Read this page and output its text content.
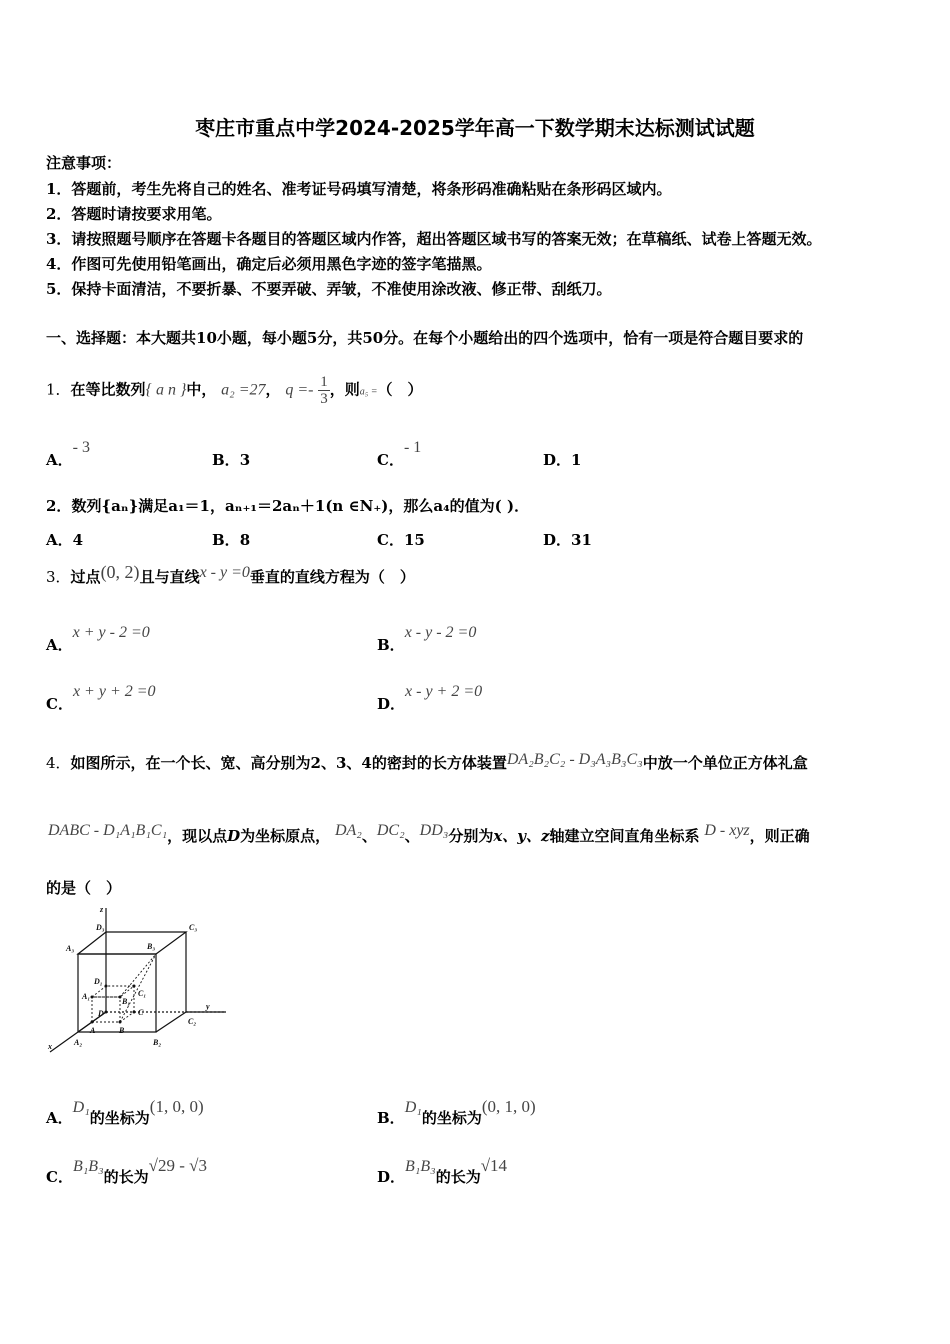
枣庄市重点中学2024-2025学年高一下数学期末达标测试试题
注意事项：
1．答题前，考生先将自己的姓名、准考证号码填写清楚，将条形码准确粘贴在条形码区域内。
2．答题时请按要求用笔。
3．请按照题号顺序在答题卡各题目的答题区域内作答，超出答题区域书写的答案无效；在草稿纸、试卷上答题无效。
4．作图可先使用铅笔画出，确定后必须用黑色字迹的签字笔描黑。
5．保持卡面清洁，不要折暴、不要弄破、弄皱，不准使用涂改液、修正带、刮纸刀。
一、选择题：本大题共10小题，每小题5分，共50分。在每个小题给出的四个选项中，恰有一项是符合题目要求的
1．在等比数列{ a n }中， a₂ =27， $q =- \frac{1}{3}$ ，则a₅ =（　）
A．- 3
B．3	C．- 1
D．1
2．数列{aₙ}满足a₁＝1，aₙ₊₁＝2aₙ＋1(n ∈N₊)，那么a₄的值为( )．
A．4	B．8	C．15	D．31
3．过点(0, 2)且与直线x - y =0垂直的直线方程为（　）
A．x + y - 2 =0
B．x - y - 2 =0
C．x + y + 2 =0
D．x - y + 2 =0
4．如图所示，在一个长、宽、高分别为2、3、4的密封的长方体装置DA₂B₂C₂ - D₃A₃B₃C₃中放一个单位正方体礼盒
DABC - D₁A₁B₁C₁，现以点D为坐标原点， DA₂、DC₂、DD₃分别为x、y、z轴建立空间直角坐标系 D - xyz，则正确
的是（　）
z
D₃	C₃
A₃	B₃
D₁
A₁	C₁
B₁
D	C
y
A	B
C₂
x	A₂	B₂
A．D₁的坐标为(1, 0, 0)
B．D₁的坐标为(0, 1, 0)
C．B₁B₃的长为√29 - √3
D．B₁B₃的长为√14
